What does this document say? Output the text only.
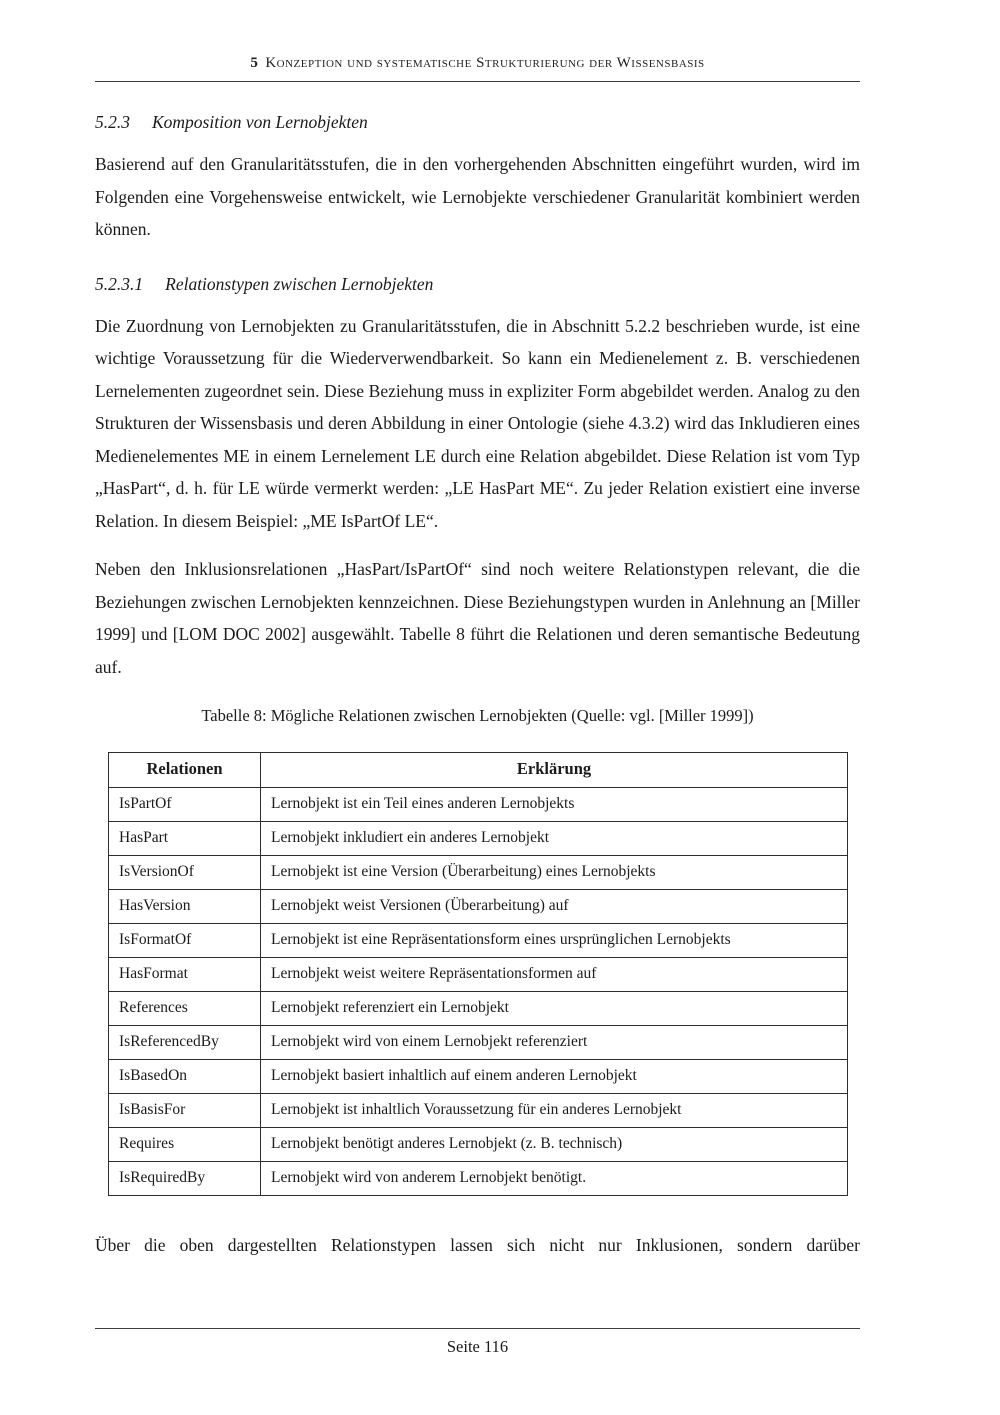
5 Konzeption und systematische Strukturierung der Wissensbasis
5.2.3 Komposition von Lernobjekten

Basierend auf den Granularitätsstufen, die in den vorhergehenden Abschnitten eingeführt wurden, wird im Folgenden eine Vorgehensweise entwickelt, wie Lernobjekte verschiedener Granularität kombiniert werden können.

5.2.3.1 Relationstypen zwischen Lernobjekten

Die Zuordnung von Lernobjekten zu Granularitätsstufen, die in Abschnitt 5.2.2 beschrieben wurde, ist eine wichtige Voraussetzung für die Wiederverwendbarkeit. So kann ein Medienelement z. B. verschiedenen Lernelementen zugeordnet sein. Diese Beziehung muss in expliziter Form abgebildet werden. Analog zu den Strukturen der Wissensbasis und deren Abbildung in einer Ontologie (siehe 4.3.2) wird das Inkludieren eines Medienelementes ME in einem Lernelement LE durch eine Relation abgebildet. Diese Relation ist vom Typ „HasPart“, d. h. für LE würde vermerkt werden: „LE HasPart ME“. Zu jeder Relation existiert eine inverse Relation. In diesem Beispiel: „ME IsPartOf LE“.

Neben den Inklusionsrelationen „HasPart/IsPartOf“ sind noch weitere Relationstypen relevant, die die Beziehungen zwischen Lernobjekten kennzeichnen. Diese Beziehungstypen wurden in Anlehnung an [Miller 1999] und [LOM DOC 2002] ausgewählt. Tabelle 8 führt die Relationen und deren semantische Bedeutung auf.

Tabelle 8: Mögliche Relationen zwischen Lernobjekten (Quelle: vgl. [Miller 1999])
Relationen	Erklärung
IsPartOf	Lernobjekt ist ein Teil eines anderen Lernobjekts
HasPart	Lernobjekt inkludiert ein anderes Lernobjekt
IsVersionOf	Lernobjekt ist eine Version (Überarbeitung) eines Lernobjekts
HasVersion	Lernobjekt weist Versionen (Überarbeitung) auf
IsFormatOf	Lernobjekt ist eine Repräsentationsform eines ursprünglichen Lernobjekts
HasFormat	Lernobjekt weist weitere Repräsentationsformen auf
References	Lernobjekt referenziert ein Lernobjekt
IsReferencedBy	Lernobjekt wird von einem Lernobjekt referenziert
IsBasedOn	Lernobjekt basiert inhaltlich auf einem anderen Lernobjekt
IsBasisFor	Lernobjekt ist inhaltlich Voraussetzung für ein anderes Lernobjekt
Requires	Lernobjekt benötigt anderes Lernobjekt (z. B. technisch)
IsRequiredBy	Lernobjekt wird von anderem Lernobjekt benötigt.

Über die oben dargestellten Relationstypen lassen sich nicht nur Inklusionen, sondern darüber

Seite 116
